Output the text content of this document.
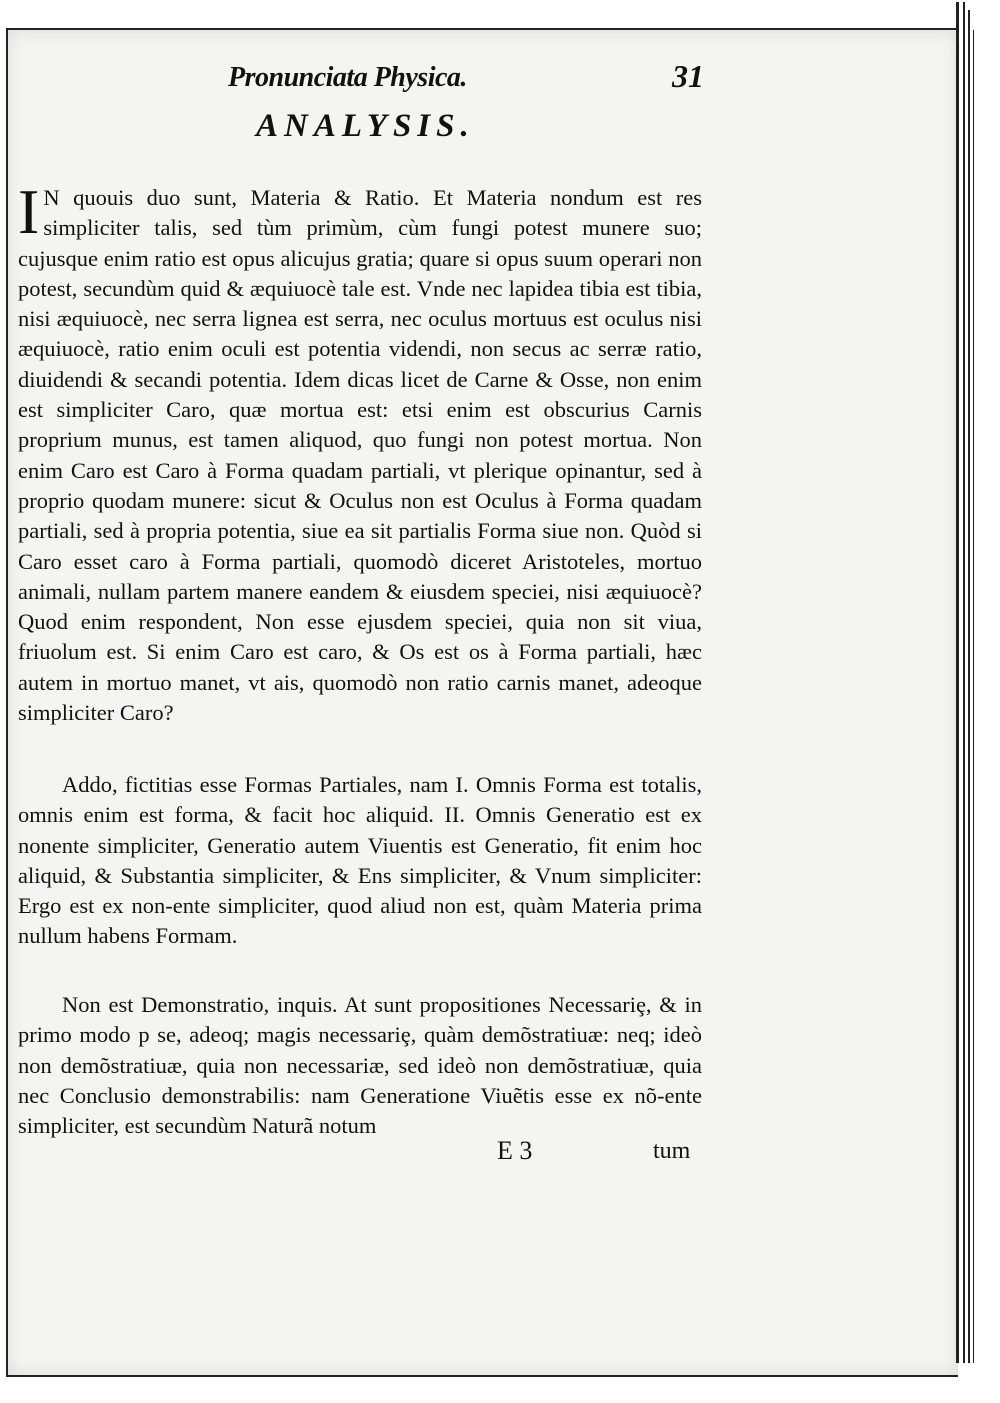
Pronunciata Physica.	31
ANALYSIS.
I N quouis duo sunt, Materia & Ratio. Et Materia nondum est res simpliciter talis, sed tùm primùm, cùm fungi potest munere suo; cujusque enim ratio est opus alicujus gratia; quare si opus suum operari non potest, secundùm quid & æquiuocè tale est. Vnde nec lapidea tibia est tibia, nisi æquiuocè, nec serra lignea est serra, nec oculus mortuus est oculus nisi æquiuocè, ratio enim oculi est potentia videndi, non secus ac serræ ratio, diuidendi & secandi potentia. Idem dicas licet de Carne & Osse, non enim est simpliciter Caro, quæ mortua est: etsi enim est obscurius Carnis proprium munus, est tamen aliquod, quo fungi non potest mortua. Non enim Caro est Caro à Forma quadam partiali, vt plerique opinantur, sed à proprio quodam munere: sicut & Oculus non est Oculus à Forma quadam partiali, sed à propria potentia, siue ea sit partialis Forma siue non. Quòd si Caro esset caro à Forma partiali, quomodò diceret Aristoteles, mortuo animali, nullam partem manere eandem & eiusdem speciei, nisi æquiuocè? Quod enim respondent, Non esse ejusdem speciei, quia non sit viua, friuolum est. Si enim Caro est caro, & Os est os à Forma partiali, hæc autem in mortuo manet, vt ais, quomodò non ratio carnis manet, adeoque simpliciter Caro?
Addo, fictitias esse Formas Partiales, nam I. Omnis Forma est totalis, omnis enim est forma, & facit hoc aliquid. II. Omnis Generatio est ex nonente simpliciter, Generatio autem Viuentis est Generatio, fit enim hoc aliquid, & Substantia simpliciter, & Ens simpliciter, & Vnum simpliciter: Ergo est ex non-ente simpliciter, quod aliud non est, quàm Materia prima nullum habens Formam.
Non est Demonstratio, inquis. At sunt propositiones Necessariȩ, & in primo modo p se, adeoq; magis necessariȩ, quàm demõstratiuæ: neq; ideò non demõstratiuæ, quia non necessariæ, sed ideò non demõstratiuæ, quia nec Conclusio demonstrabilis: nam Generatione Viuẽtis esse ex nõ-ente simpliciter, est secundùm Naturã notum
E 3	tum
